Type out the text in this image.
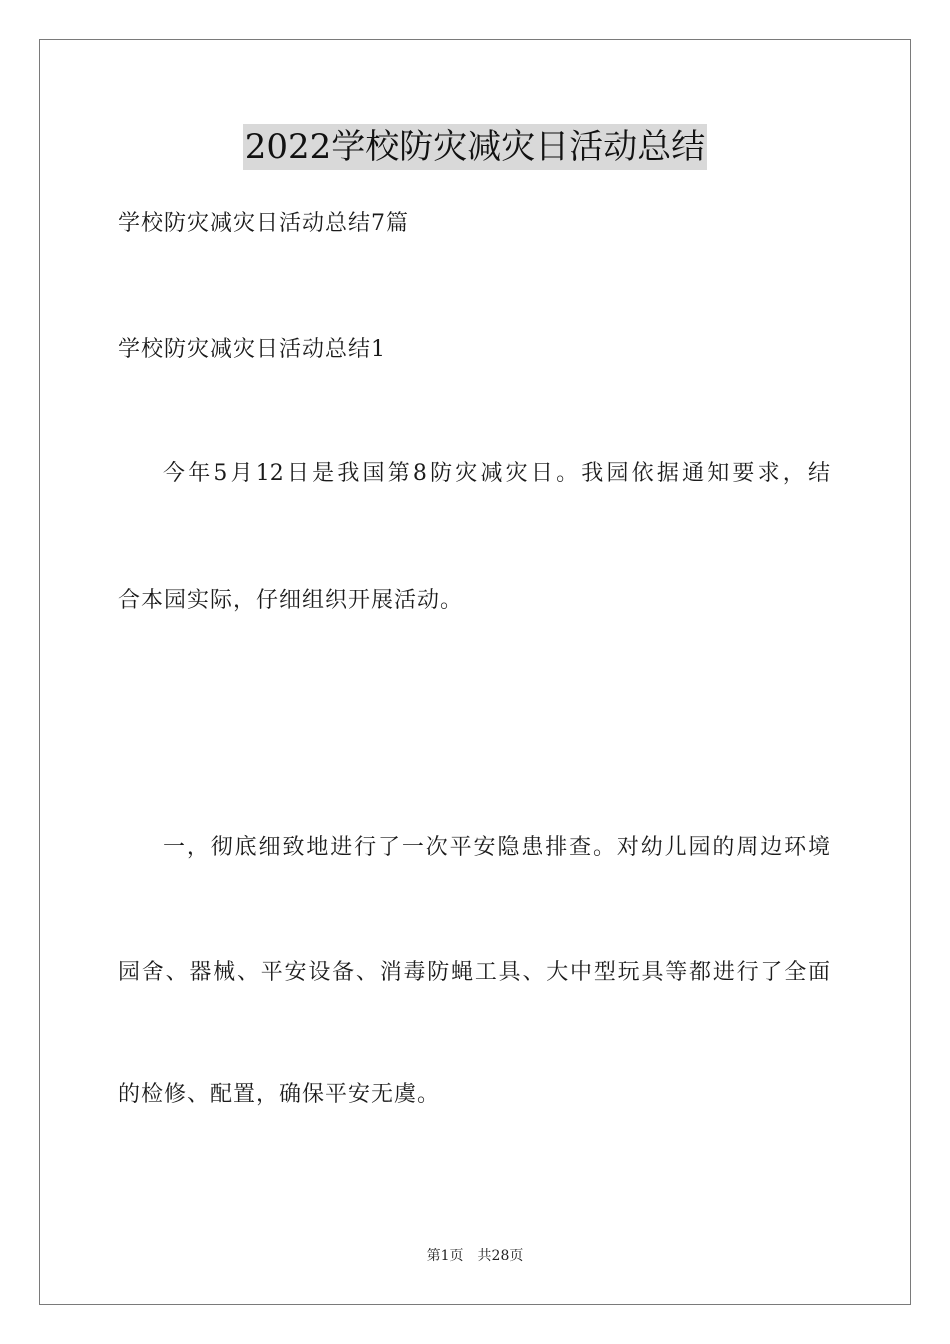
2022学校防灾减灾日活动总结
学校防灾减灾日活动总结7篇
学校防灾减灾日活动总结1
今年5月12日是我国第8防灾减灾日。我园依据通知要求，结
合本园实际，仔细组织开展活动。
一，彻底细致地进行了一次平安隐患排查。对幼儿园的周边环境
园舍、器械、平安设备、消毒防蝇工具、大中型玩具等都进行了全面
的检修、配置，确保平安无虞。
第1页 共28页
